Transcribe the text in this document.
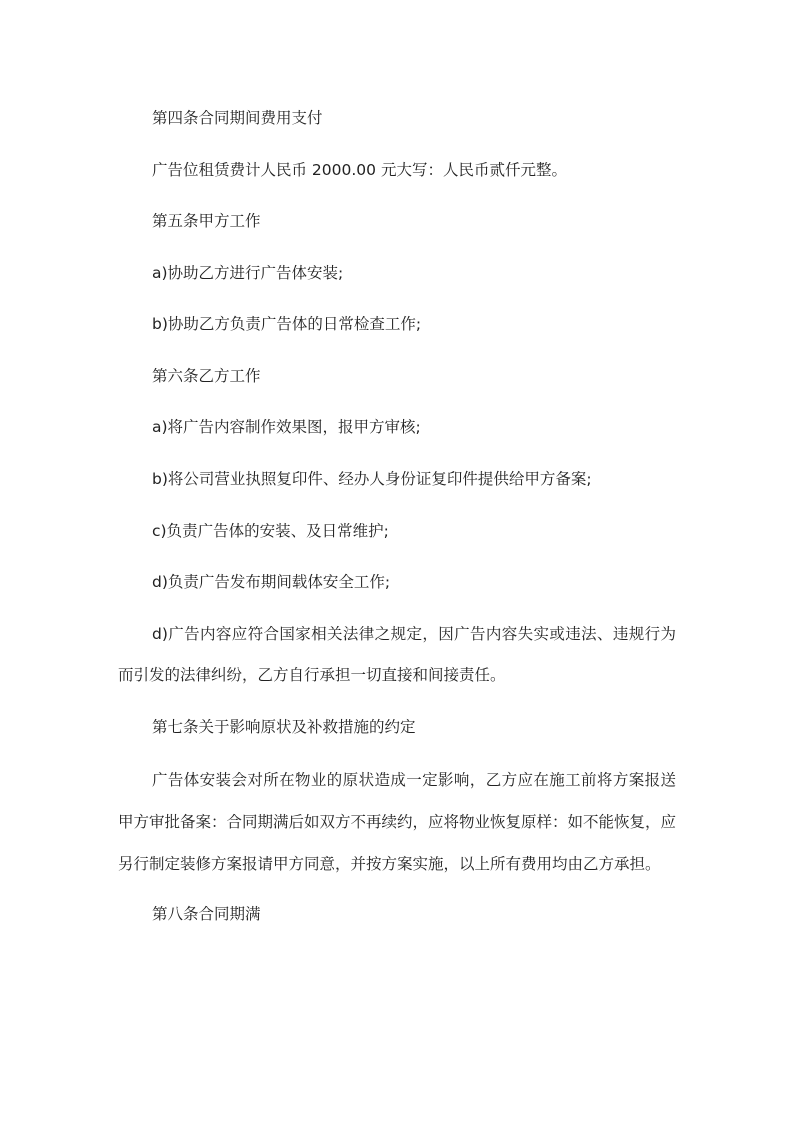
第四条合同期间费用支付

广告位租赁费计人民币 2000.00 元大写：人民币贰仟元整。

第五条甲方工作

a)协助乙方进行广告体安装;

b)协助乙方负责广告体的日常检查工作;

第六条乙方工作

a)将广告内容制作效果图，报甲方审核;

b)将公司营业执照复印件、经办人身份证复印件提供给甲方备案;

c)负责广告体的安装、及日常维护;

d)负责广告发布期间载体安全工作;

d)广告内容应符合国家相关法律之规定，因广告内容失实或违法、违规行为而引发的法律纠纷，乙方自行承担一切直接和间接责任。

第七条关于影响原状及补救措施的约定

广告体安装会对所在物业的原状造成一定影响，乙方应在施工前将方案报送甲方审批备案：合同期满后如双方不再续约，应将物业恢复原样：如不能恢复，应另行制定装修方案报请甲方同意，并按方案实施，以上所有费用均由乙方承担。

第八条合同期满
